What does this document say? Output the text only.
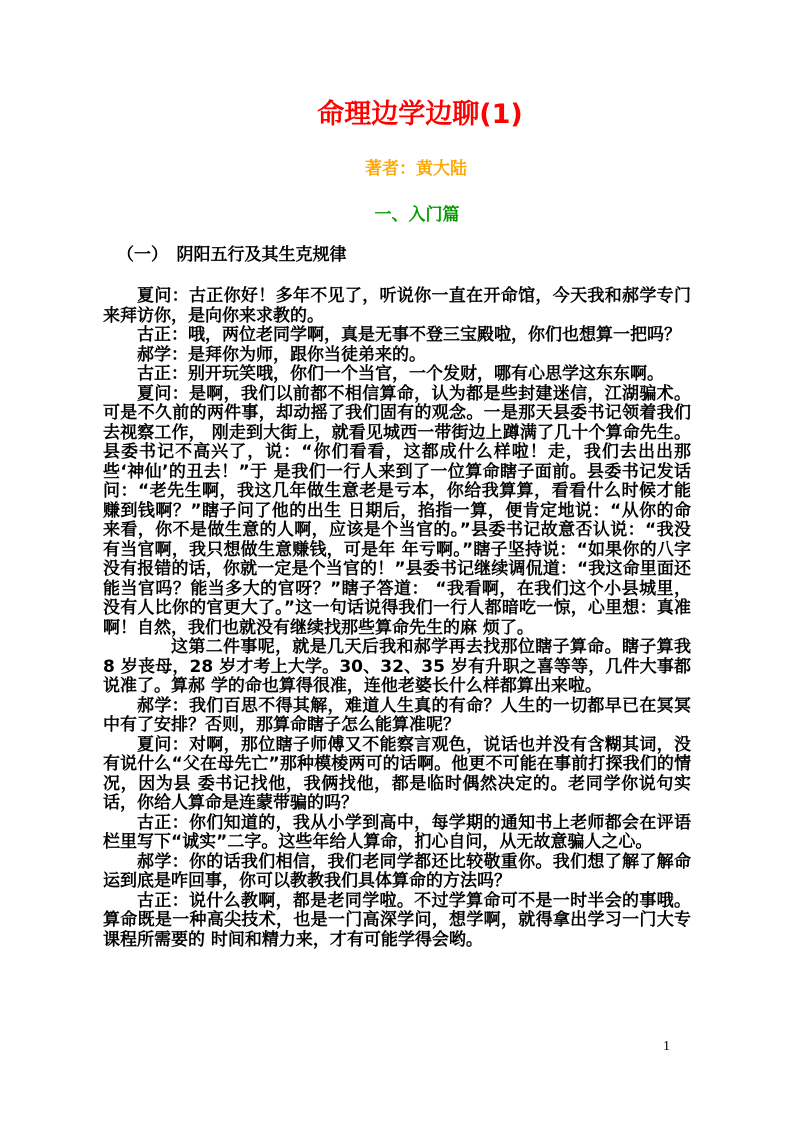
命理边学边聊(1)
著者：黄大陆
一、入门篇
（一）　阴阳五行及其生克规律

夏问：古正你好！多年不见了，听说你一直在开命馆，今天我和郝学专门来拜访你，是向你来求教的。

古正：哦，两位老同学啊，真是无事不登三宝殿啦，你们也想算一把吗？

郝学：是拜你为师，跟你当徒弟来的。

古正：别开玩笑哦，你们一个当官，一个发财，哪有心思学这东东啊。

夏问：是啊，我们以前都不相信算命，认为都是些封建迷信，江湖骗术。可是不久前的两件事，却动摇了我们固有的观念。一是那天县委书记领着我们去视察工作， 刚走到大街上，就看见城西一带街边上蹲满了几十个算命先生。县委书记不高兴了，说：“你们看看，这都成什么样啦！走，我们去出出那些‘神仙’的丑去！”于 是我们一行人来到了一位算命瞎子面前。县委书记发话问：“老先生啊，我这几年做生意老是亏本，你给我算算，看看什么时候才能赚到钱啊？”瞎子问了他的出生 日期后，掐指一算，便肯定地说：“从你的命来看，你不是做生意的人啊，应该是个当官的。”县委书记故意否认说：“我没有当官啊，我只想做生意赚钱，可是年 年亏啊。”瞎子坚持说：“如果你的八字没有报错的话，你就一定是个当官的！”县委书记继续调侃道：“我这命里面还能当官吗？能当多大的官呀？”瞎子答道： “我看啊，在我们这个小县城里，没有人比你的官更大了。”这一句话说得我们一行人都暗吃一惊，心里想：真准啊！自然，我们也就没有继续找那些算命先生的麻 烦了。

这第二件事呢，就是几天后我和郝学再去找那位瞎子算命。瞎子算我 8 岁丧母，28 岁才考上大学。30、32、35 岁有升职之喜等等，几件大事都说准了。算郝 学的命也算得很准，连他老婆长什么样都算出来啦。

郝学：我们百思不得其解，难道人生真的有命？人生的一切都早已在冥冥中有了安排？否则，那算命瞎子怎么能算准呢？

夏问：对啊，那位瞎子师傅又不能察言观色，说话也并没有含糊其词，没有说什么“父在母先亡”那种模棱两可的话啊。他更不可能在事前打探我们的情况，因为县 委书记找他，我俩找他，都是临时偶然决定的。老同学你说句实话，你给人算命是连蒙带骗的吗？

古正：你们知道的，我从小学到高中，每学期的通知书上老师都会在评语栏里写下“诚实”二字。这些年给人算命，扪心自问，从无故意骗人之心。

郝学：你的话我们相信，我们老同学都还比较敬重你。我们想了解了解命运到底是咋回事，你可以教教我们具体算命的方法吗？

古正：说什么教啊，都是老同学啦。不过学算命可不是一时半会的事哦。算命既是一种高尖技术，也是一门高深学问，想学啊，就得拿出学习一门大专课程所需要的 时间和精力来，才有可能学得会哟。

1
